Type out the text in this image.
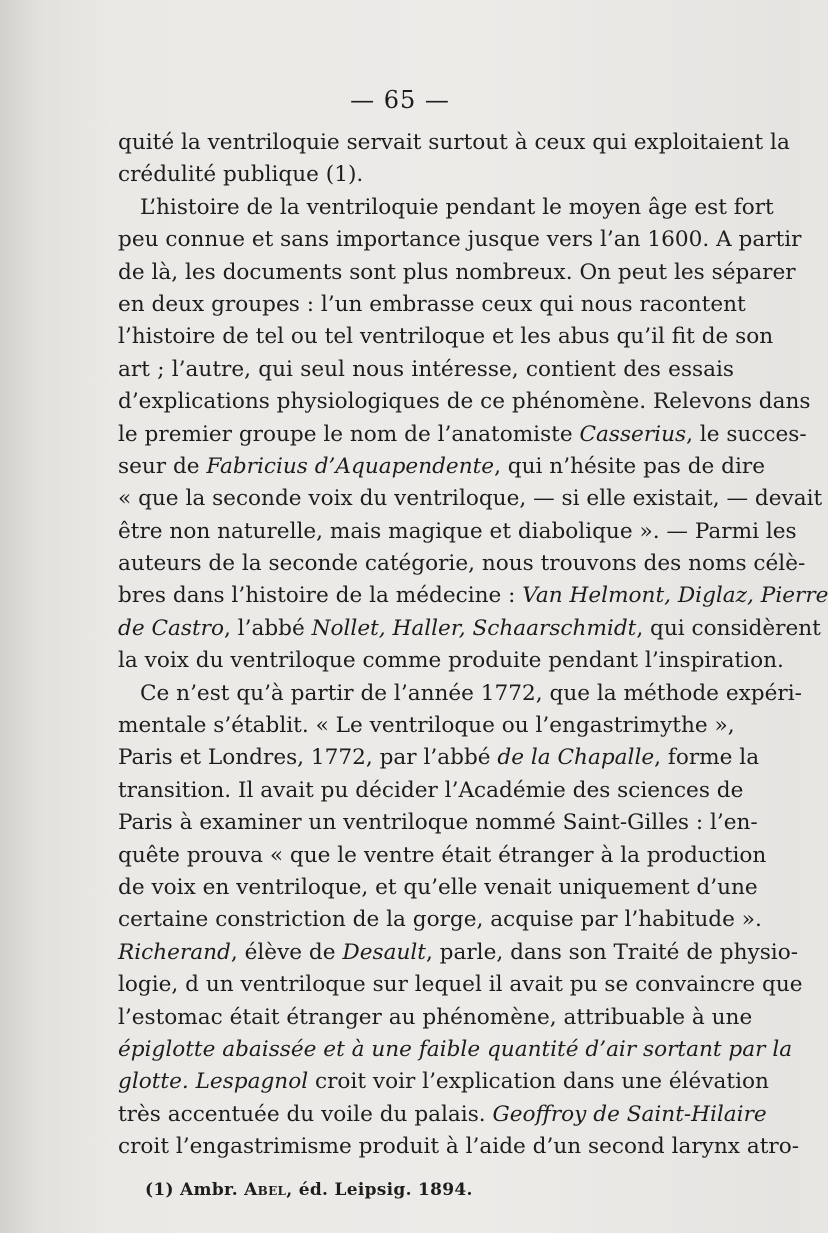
— 65 —
quité la ventriloquie servait surtout à ceux qui exploitaient la
crédulité publique (1).
L’histoire de la ventriloquie pendant le moyen âge est fort
peu connue et sans importance jusque vers l’an 1600. A partir
de là, les documents sont plus nombreux. On peut les séparer
en deux groupes : l’un embrasse ceux qui nous racontent
l’histoire de tel ou tel ventriloque et les abus qu’il fit de son
art ; l’autre, qui seul nous intéresse, contient des essais
d’explications physiologiques de ce phénomène. Relevons dans
le premier groupe le nom de l’anatomiste Casserius, le succes-
seur de Fabricius d’Aquapendente, qui n’hésite pas de dire
« que la seconde voix du ventriloque, — si elle existait, — devait
être non naturelle, mais magique et diabolique ». — Parmi les
auteurs de la seconde catégorie, nous trouvons des noms célè-
bres dans l’histoire de la médecine : Van Helmont, Diglaz, Pierre
de Castro, l’abbé Nollet, Haller, Schaarschmidt, qui considèrent
la voix du ventriloque comme produite pendant l’inspiration.
Ce n’est qu’à partir de l’année 1772, que la méthode expéri-
mentale s’établit. « Le ventriloque ou l’engastrimythe »,
Paris et Londres, 1772, par l’abbé de la Chapalle, forme la
transition. Il avait pu décider l’Académie des sciences de
Paris à examiner un ventriloque nommé Saint-Gilles : l’en-
quête prouva « que le ventre était étranger à la production
de voix en ventriloque, et qu’elle venait uniquement d’une
certaine constriction de la gorge, acquise par l’habitude ».
Richerand, élève de Desault, parle, dans son Traité de physio-
logie, d un ventriloque sur lequel il avait pu se convaincre que
l’estomac était étranger au phénomène, attribuable à une
épiglotte abaissée et à une faible quantité d’air sortant par la
glotte. Lespagnol croit voir l’explication dans une élévation
très accentuée du voile du palais. Geoffroy de Saint-Hilaire
croit l’engastrimisme produit à l’aide d’un second larynx atro-
(1) Ambr. Abel, éd. Leipsig. 1894.
